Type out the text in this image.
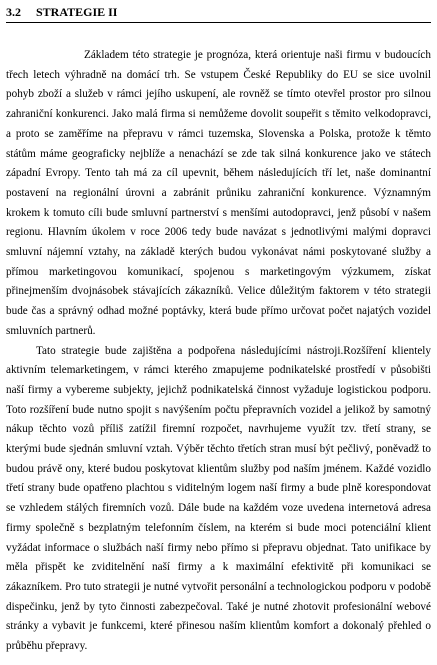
3.2 STRATEGIE II

Základem této strategie je prognóza, která orientuje naši firmu v budoucích třech letech výhradně na domácí trh. Se vstupem České Republiky do EU se sice uvolnil pohyb zboží a služeb v rámci jejího uskupení, ale rovněž se tímto otevřel prostor pro silnou zahraniční konkurenci. Jako malá firma si nemůžeme dovolit soupeřit s těmito velkodopravci, a proto se zaměříme na přepravu v rámci tuzemska, Slovenska a Polska, protože k těmto státům máme geograficky nejblíže a nenachází se zde tak silná konkurence jako ve státech západní Evropy. Tento tah má za cíl upevnit, během následujících tří let, naše dominantní postavení na regionální úrovni a zabránit průniku zahraniční konkurence. Významným krokem k tomuto cíli bude smluvní partnerství s menšími autodopravci, jenž působí v našem regionu. Hlavním úkolem v roce 2006 tedy bude navázat s jednotlivými malými dopravci smluvní nájemní vztahy, na základě kterých budou vykonávat námi poskytované služby a přímou marketingovou komunikací, spojenou s marketingovým výzkumem, získat přinejmenším dvojnásobek stávajících zákazníků. Velice důležitým faktorem v této strategii bude čas a správný odhad možné poptávky, která bude přímo určovat počet najatých vozidel smluvních partnerů.

Tato strategie bude zajištěna a podpořena následujícími nástroji.Rozšíření klientely aktivním telemarketingem, v rámci kterého zmapujeme podnikatelské prostředí v působišti naší firmy a vybereme subjekty, jejichž podnikatelská činnost vyžaduje logistickou podporu. Toto rozšíření bude nutno spojit s navýšením počtu přepravních vozidel a jelikož by samotný nákup těchto vozů příliš zatížil firemní rozpočet, navrhujeme využít tzv. třetí strany, se kterými bude sjednán smluvní vztah. Výběr těchto třetích stran musí být pečlivý, poněvadž to budou právě ony, které budou poskytovat klientům služby pod naším jménem. Každé vozidlo třetí strany bude opatřeno plachtou s viditelným logem naší firmy a bude plně korespondovat se vzhledem stálých firemních vozů. Dále bude na každém voze uvedena internetová adresa firmy společně s bezplatným telefonním číslem, na kterém si bude moci potenciální klient vyžádat informace o službách naší firmy nebo přímo si přepravu objednat. Tato unifikace by měla přispět ke zviditelnění naší firmy a k maximální efektivitě při komunikaci se zákazníkem. Pro tuto strategii je nutné vytvořit personální a technologickou podporu v podobě dispečinku, jenž by tyto činnosti zabezpečoval. Také je nutné zhotovit profesionální webové stránky a vybavit je funkcemi, které přinesou naším klientům komfort a dokonalý přehled o průběhu přepravy.
